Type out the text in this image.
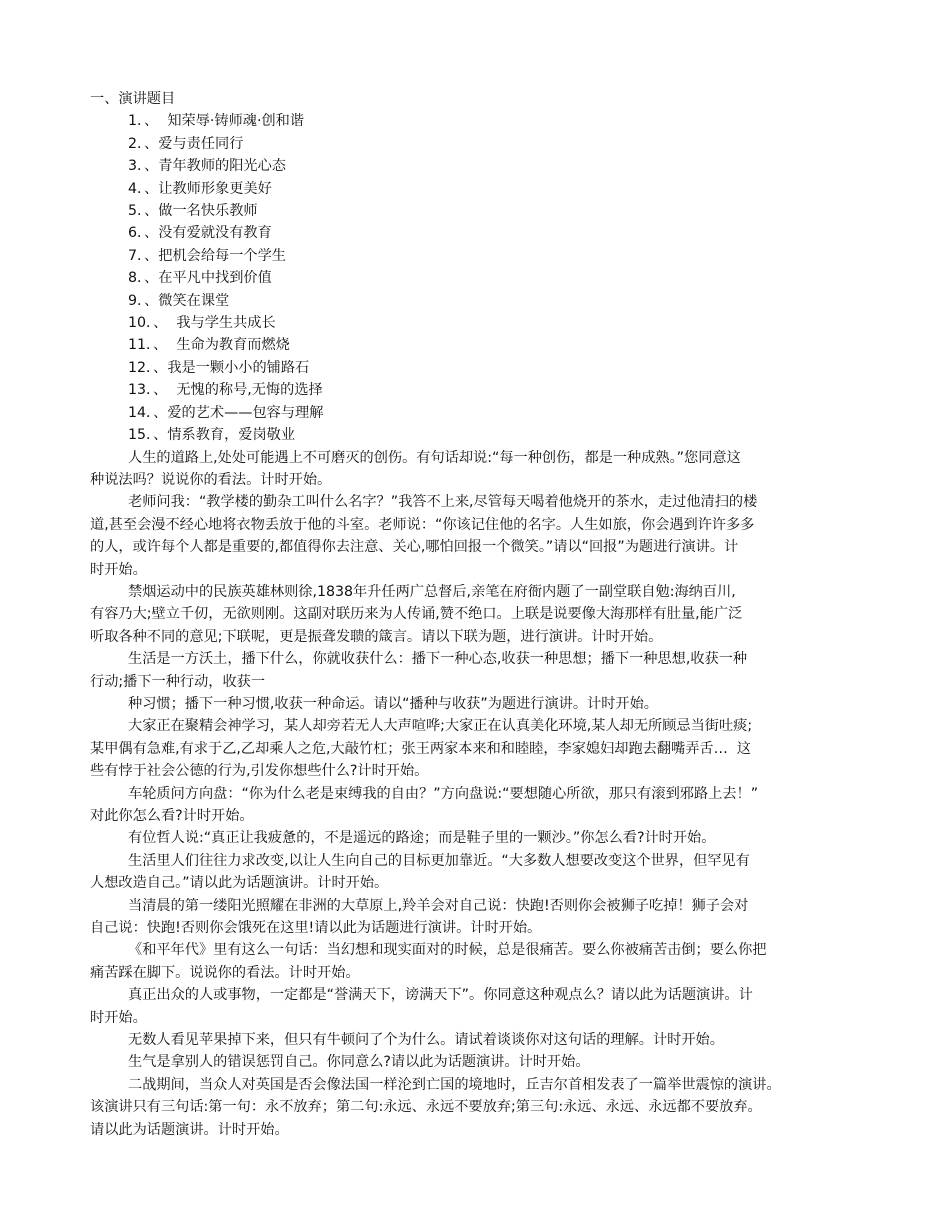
一、演讲题目
1．、  知荣辱·铸师魂·创和谐
2．、爱与责任同行
3．、青年教师的阳光心态
4．、让教师形象更美好
5．、做一名快乐教师
6．、没有爱就没有教育
7．、把机会给每一个学生
8．、在平凡中找到价值
9．、微笑在课堂
10．、  我与学生共成长
11．、  生命为教育而燃烧
12．、我是一颗小小的铺路石
13．、  无愧的称号,无悔的选择
14．、爱的艺术——包容与理解
15．、情系教育，爱岗敬业
人生的道路上,处处可能遇上不可磨灭的创伤。有句话却说:“每一种创伤，都是一种成熟。”您同意这
种说法吗？说说你的看法。计时开始。
老师问我：“教学楼的勤杂工叫什么名字？”我答不上来,尽管每天喝着他烧开的茶水，走过他清扫的楼
道,甚至会漫不经心地将衣物丢放于他的斗室。老师说：“你该记住他的名字。人生如旅，你会遇到许许多多
的人，或许每个人都是重要的,都值得你去注意、关心,哪怕回报一个微笑。”请以“回报”为题进行演讲。计
时开始。
禁烟运动中的民族英雄林则徐,1838年升任两广总督后,亲笔在府衙内题了一副堂联自勉:海纳百川,
有容乃大;壁立千仞，无欲则刚。这副对联历来为人传诵,赞不绝口。上联是说要像大海那样有肚量,能广泛
听取各种不同的意见;下联呢，更是振聋发聩的箴言。请以下联为题，进行演讲。计时开始。
生活是一方沃土，播下什么，你就收获什么：播下一种心态,收获一种思想；播下一种思想,收获一种
行动;播下一种行动，收获一
种习惯；播下一种习惯,收获一种命运。请以“播种与收获”为题进行演讲。计时开始。
大家正在聚精会神学习，某人却旁若无人大声喧哗;大家正在认真美化环境,某人却无所顾忌当街吐痰;
某甲偶有急难,有求于乙,乙却乘人之危,大敲竹杠；张王两家本来和和睦睦，李家媳妇却跑去翻嘴弄舌…  这
些有悖于社会公德的行为,引发你想些什么?计时开始。
车轮质问方向盘：“你为什么老是束缚我的自由？”方向盘说:“要想随心所欲，那只有滚到邪路上去！”
对此你怎么看?计时开始。
有位哲人说:“真正让我疲惫的，不是遥远的路途；而是鞋子里的一颗沙。”你怎么看?计时开始。
生活里人们往往力求改变,以让人生向自己的目标更加靠近。“大多数人想要改变这个世界，但罕见有
人想改造自己。”请以此为话题演讲。计时开始。
当清晨的第一缕阳光照耀在非洲的大草原上,羚羊会对自己说：快跑!否则你会被狮子吃掉！狮子会对
自己说：快跑!否则你会饿死在这里!请以此为话题进行演讲。计时开始。
《和平年代》里有这么一句话：当幻想和现实面对的时候，总是很痛苦。要么你被痛苦击倒；要么你把
痛苦踩在脚下。说说你的看法。计时开始。
真正出众的人或事物，一定都是“誉满天下，谤满天下”。你同意这种观点么？请以此为话题演讲。计
时开始。
无数人看见苹果掉下来，但只有牛顿问了个为什么。请试着谈谈你对这句话的理解。计时开始。
生气是拿别人的错误惩罚自己。你同意么?请以此为话题演讲。计时开始。
二战期间，当众人对英国是否会像法国一样沦到亡国的境地时，丘吉尔首相发表了一篇举世震惊的演讲。
该演讲只有三句话:第一句：永不放弃；第二句:永远、永远不要放弃;第三句:永远、永远、永远都不要放弃。
请以此为话题演讲。计时开始。
